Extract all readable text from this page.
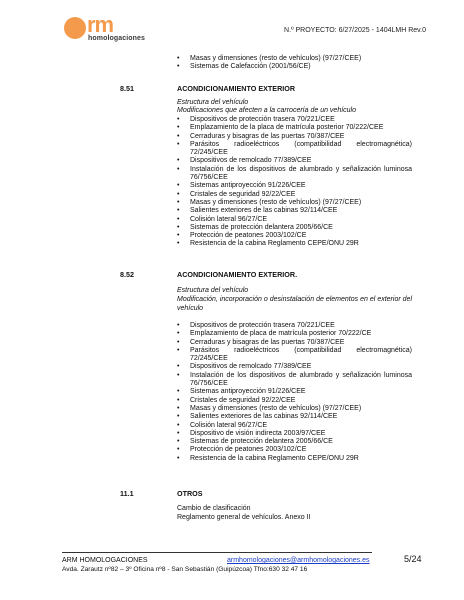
rm
homologaciones
N.º PROYECTO: 6/27/2025 - 1404LMH Rev.0
• Masas y dimensiones (resto de vehículos) (97/27/CEE)
• Sistemas de Calefacción (2001/56/CE)
8.51	ACONDICIONAMIENTO EXTERIOR
Estructura del vehículo
Modificaciones que afecten a la carrocería de un vehículo
• Dispositivos de protección trasera 70/221/CEE
• Emplazamiento de la placa de matrícula posterior 70/222/CEE
• Cerraduras y bisagras de las puertas 70/387/CEE
• Parásitos radioeléctricos (compatibilidad electromagnética) 72/245/CEE
• Dispositivos de remolcado 77/389/CEE
• Instalación de los dispositivos de alumbrado y señalización luminosa 76/756/CEE
• Sistemas antiproyección 91/226/CEE
• Cristales de seguridad 92/22/CEE
• Masas y dimensiones (resto de vehículos) (97/27/CEE)
• Salientes exteriores de las cabinas 92/114/CEE
• Colisión lateral 96/27/CE
• Sistemas de protección delantera 2005/66/CE
• Protección de peatones 2003/102/CE
• Resistencia de la cabina Reglamento CEPE/ONU 29R
8.52	ACONDICIONAMIENTO EXTERIOR.
Estructura del vehículo
Modificación, incorporación o desinstalación de elementos en el exterior del vehículo
• Dispositivos de protección trasera 70/221/CEE
• Emplazamiento de placa de matrícula posterior 70/222/CE
• Cerraduras y bisagras de las puertas 70/387/CEE
• Parásitos radioeléctricos (compatibilidad electromagnética) 72/245/CEE
• Dispositivos de remolcado 77/389/CEE
• Instalación de los dispositivos de alumbrado y señalización luminosa 76/756/CEE
• Sistemas antiproyección 91/226/CEE
• Cristales de seguridad 92/22/CEE
• Masas y dimensiones (resto de vehículos) (97/27/CEE)
• Salientes exteriores de las cabinas 92/114/CEE
• Colisión lateral 96/27/CE
• Dispositivo de visión indirecta 2003/97/CEE
• Sistemas de protección delantera 2005/66/CE
• Protección de peatones 2003/102/CE
• Resistencia de la cabina Reglamento CEPE/ONU 29R
11.1	OTROS
Cambio de clasificación
Reglamento general de vehículos. Anexo II
ARM HOMOLOGACIONES	armhomologaciones@armhomologaciones.es
Avda. Zarautz nº82 – 3º Oficina nº8 - San Sebastián (Guipúzcoa) Tfno:630 32 47 16
5/24
